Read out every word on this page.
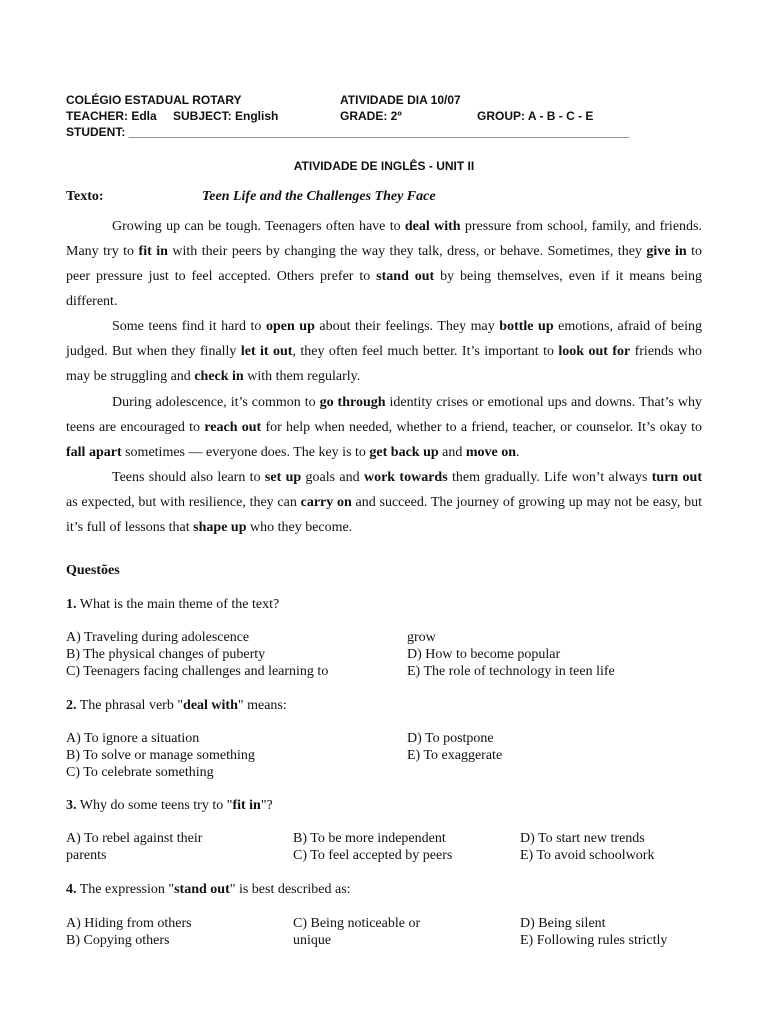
COLÉGIO ESTADUAL ROTARY	ATIVIDADE DIA 10/07
TEACHER: Edla SUBJECT: English	GRADE: 2º	GROUP: A - B - C - E
STUDENT: ___________________________________________________________________________
ATIVIDADE DE INGLÊS - UNIT II
Texto:	Teen Life and the Challenges They Face

Growing up can be tough. Teenagers often have to deal with pressure from school, family, and friends. Many try to fit in with their peers by changing the way they talk, dress, or behave. Sometimes, they give in to peer pressure just to feel accepted. Others prefer to stand out by being themselves, even if it means being different.

Some teens find it hard to open up about their feelings. They may bottle up emotions, afraid of being judged. But when they finally let it out, they often feel much better. It’s important to look out for friends who may be struggling and check in with them regularly.

During adolescence, it’s common to go through identity crises or emotional ups and downs. That’s why teens are encouraged to reach out for help when needed, whether to a friend, teacher, or counselor. It’s okay to fall apart sometimes — everyone does. The key is to get back up and move on.

Teens should also learn to set up goals and work towards them gradually. Life won’t always turn out as expected, but with resilience, they can carry on and succeed. The journey of growing up may not be easy, but it’s full of lessons that shape up who they become.

Questões
1. What is the main theme of the text?
A) Traveling during adolescence
B) The physical changes of puberty
C) Teenagers facing challenges and learning to
grow
D) How to become popular
E) The role of technology in teen life
2. The phrasal verb "deal with" means:
A) To ignore a situation
B) To solve or manage something
C) To celebrate something
D) To postpone
E) To exaggerate
3. Why do some teens try to "fit in"?
A) To rebel against their
parents
B) To be more independent
C) To feel accepted by peers
D) To start new trends
E) To avoid schoolwork
4. The expression "stand out" is best described as:
A) Hiding from others
B) Copying others
C) Being noticeable or
unique
D) Being silent
E) Following rules strictly
